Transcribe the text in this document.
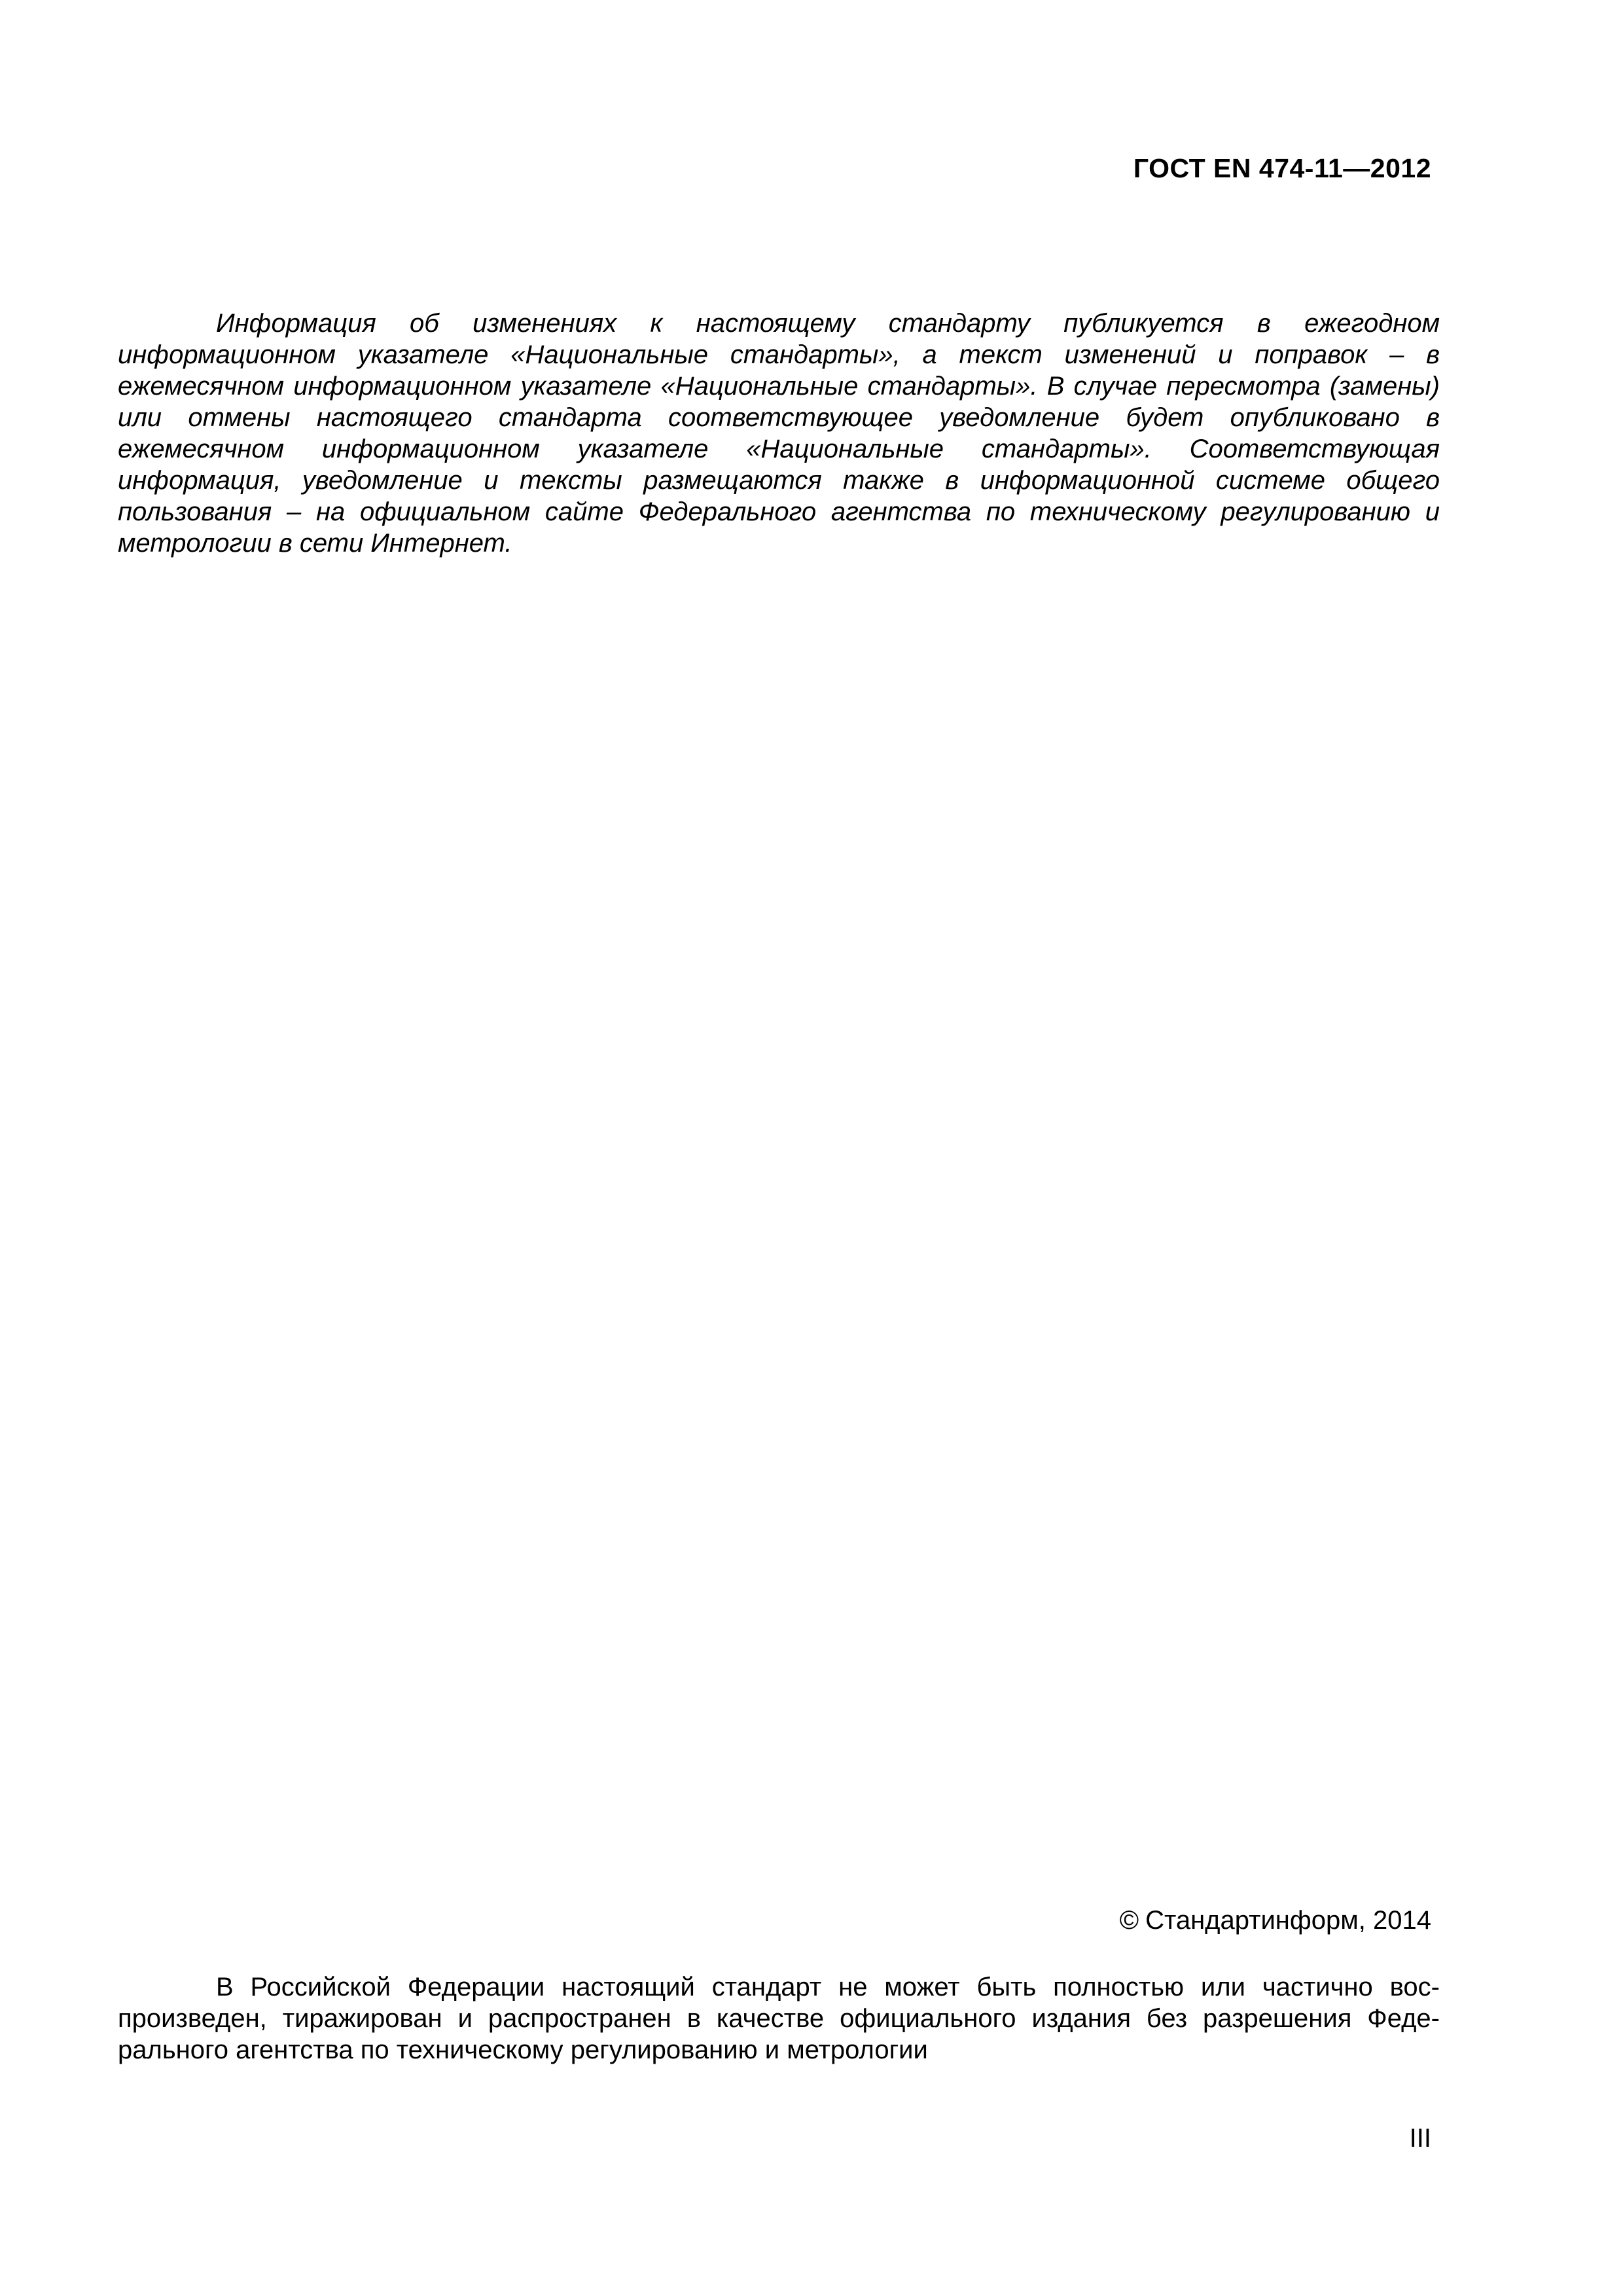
ГОСТ EN 474-11—2012

Информация об изменениях к настоящему стандарту публикуется в ежегодном информационном указателе «Национальные стандарты», а текст изменений и поправок – в ежемесячном информационном указателе «Национальные стандарты». В случае пересмотра (замены) или отмены настоящего стандарта соответствующее уведомление будет опубликовано в ежемесячном информационном указателе «Национальные стандарты». Соответствующая информация, уведомление и тексты размещаются также в информационной системе общего пользования – на официальном сайте Федерального агентства по техническому регулированию и метрологии в сети Интернет.

© Стандартинформ, 2014

В Российской Федерации настоящий стандарт не может быть полностью или частично воспроизведен, тиражирован и распространен в качестве официального издания без разрешения Федерального агентства по техническому регулированию и метрологии

III
